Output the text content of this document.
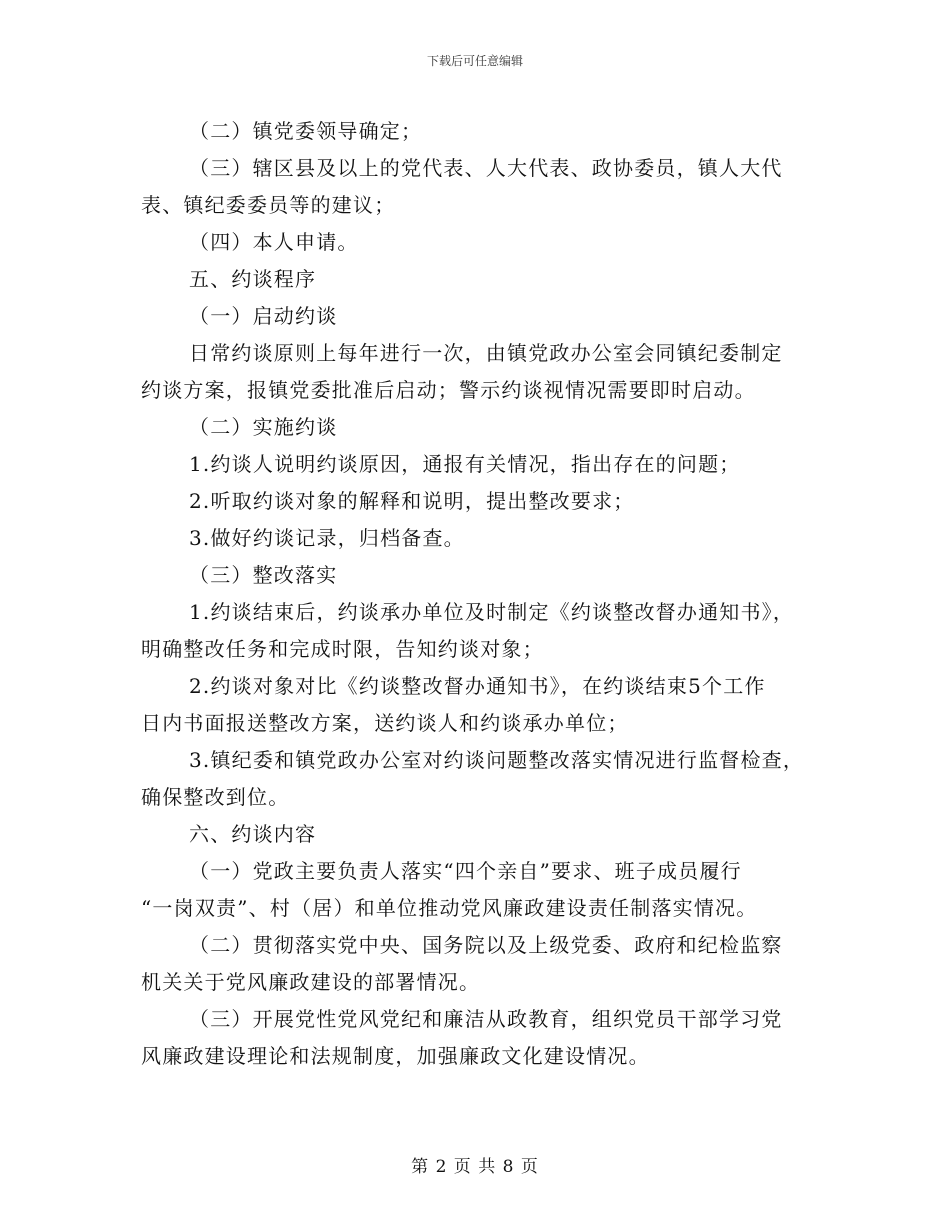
下载后可任意编辑

（二）镇党委领导确定；

（三）辖区县及以上的党代表、人大代表、政协委员，镇人大代

表、镇纪委委员等的建议；

（四）本人申请。

五、约谈程序

（一）启动约谈

日常约谈原则上每年进行一次，由镇党政办公室会同镇纪委制定

约谈方案，报镇党委批准后启动；警示约谈视情况需要即时启动。

（二）实施约谈

1.约谈人说明约谈原因，通报有关情况，指出存在的问题；

2.听取约谈对象的解释和说明，提出整改要求；

3.做好约谈记录，归档备查。

（三）整改落实

1.约谈结束后，约谈承办单位及时制定《约谈整改督办通知书》，

明确整改任务和完成时限，告知约谈对象；

2.约谈对象对比《约谈整改督办通知书》，在约谈结束5个工作

日内书面报送整改方案，送约谈人和约谈承办单位；

3.镇纪委和镇党政办公室对约谈问题整改落实情况进行监督检查，

确保整改到位。

六、约谈内容

（一）党政主要负责人落实“四个亲自”要求、班子成员履行

“一岗双责”、村（居）和单位推动党风廉政建设责任制落实情况。

（二）贯彻落实党中央、国务院以及上级党委、政府和纪检监察

机关关于党风廉政建设的部署情况。

（三）开展党性党风党纪和廉洁从政教育，组织党员干部学习党

风廉政建设理论和法规制度，加强廉政文化建设情况。

第 2 页 共 8 页
